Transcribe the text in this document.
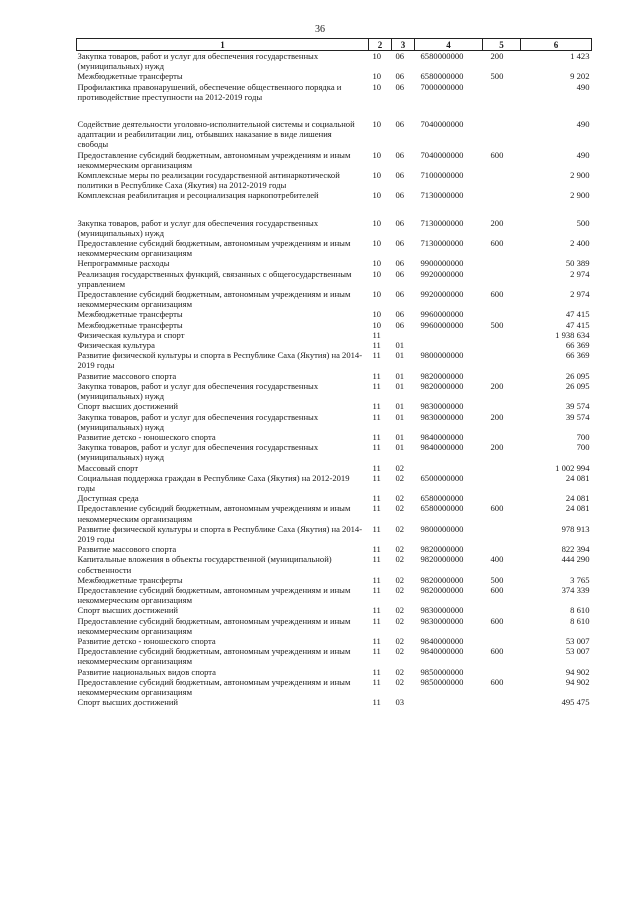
36
1	2	3	4	5	6
Закупка товаров, работ и услуг для обеспечения государственных (муниципальных) нужд	10	06	6580000000	200	1 423
Межбюджетные трансферты	10	06	6580000000	500	9 202
Профилактика правонарушений, обеспечение общественного порядка и противодействие преступности на 2012-2019 годы	10	06	7000000000		490

Содействие деятельности уголовно-исполнительной системы и социальной адаптации и реабилитации лиц, отбывших наказание в виде лишения свободы	10	06	7040000000		490
Предоставление субсидий бюджетным, автономным учреждениям и иным некоммерческим организациям	10	06	7040000000	600	490
Комплексные меры по реализации государственной антинаркотической политики в Республике Саха (Якутия) на 2012-2019 годы	10	06	7100000000		2 900
Комплексная реабилитация и ресоциализация наркопотребителей	10	06	7130000000		2 900

Закупка товаров, работ и услуг для обеспечения государственных (муниципальных) нужд	10	06	7130000000	200	500
Предоставление субсидий бюджетным, автономным учреждениям и иным некоммерческим организациям	10	06	7130000000	600	2 400
Непрограммные расходы	10	06	9900000000		50 389
Реализация государственных функций, связанных с общегосударственным управлением	10	06	9920000000		2 974
Предоставление субсидий бюджетным, автономным учреждениям и иным некоммерческим организациям	10	06	9920000000	600	2 974
Межбюджетные трансферты	10	06	9960000000		47 415
Межбюджетные трансферты	10	06	9960000000	500	47 415
Физическая культура и спорт	11				1 938 634
Физическая культура	11	01			66 369
Развитие физической культуры и спорта в Республике Саха (Якутия) на 2014-2019 годы	11	01	9800000000		66 369
Развитие массового спорта	11	01	9820000000		26 095
Закупка товаров, работ и услуг для обеспечения государственных (муниципальных) нужд	11	01	9820000000	200	26 095
Спорт высших достижений	11	01	9830000000		39 574
Закупка товаров, работ и услуг для обеспечения государственных (муниципальных) нужд	11	01	9830000000	200	39 574
Развитие детско - юношеского спорта	11	01	9840000000		700
Закупка товаров, работ и услуг для обеспечения государственных (муниципальных) нужд	11	01	9840000000	200	700
Массовый спорт	11	02			1 002 994
Социальная поддержка граждан в Республике Саха (Якутия) на 2012-2019 годы	11	02	6500000000		24 081
Доступная среда	11	02	6580000000		24 081
Предоставление субсидий бюджетным, автономным учреждениям и иным некоммерческим организациям	11	02	6580000000	600	24 081
Развитие физической культуры и спорта в Республике Саха (Якутия) на 2014-2019 годы	11	02	9800000000		978 913
Развитие массового спорта	11	02	9820000000		822 394
Капитальные вложения в объекты государственной (муниципальной) собственности	11	02	9820000000	400	444 290
Межбюджетные трансферты	11	02	9820000000	500	3 765
Предоставление субсидий бюджетным, автономным учреждениям и иным некоммерческим организациям	11	02	9820000000	600	374 339
Спорт высших достижений	11	02	9830000000		8 610
Предоставление субсидий бюджетным, автономным учреждениям и иным некоммерческим организациям	11	02	9830000000	600	8 610
Развитие детско - юношеского спорта	11	02	9840000000		53 007
Предоставление субсидий бюджетным, автономным учреждениям и иным некоммерческим организациям	11	02	9840000000	600	53 007
Развитие национальных видов спорта	11	02	9850000000		94 902
Предоставление субсидий бюджетным, автономным учреждениям и иным некоммерческим организациям	11	02	9850000000	600	94 902
Спорт высших достижений	11	03			495 475
